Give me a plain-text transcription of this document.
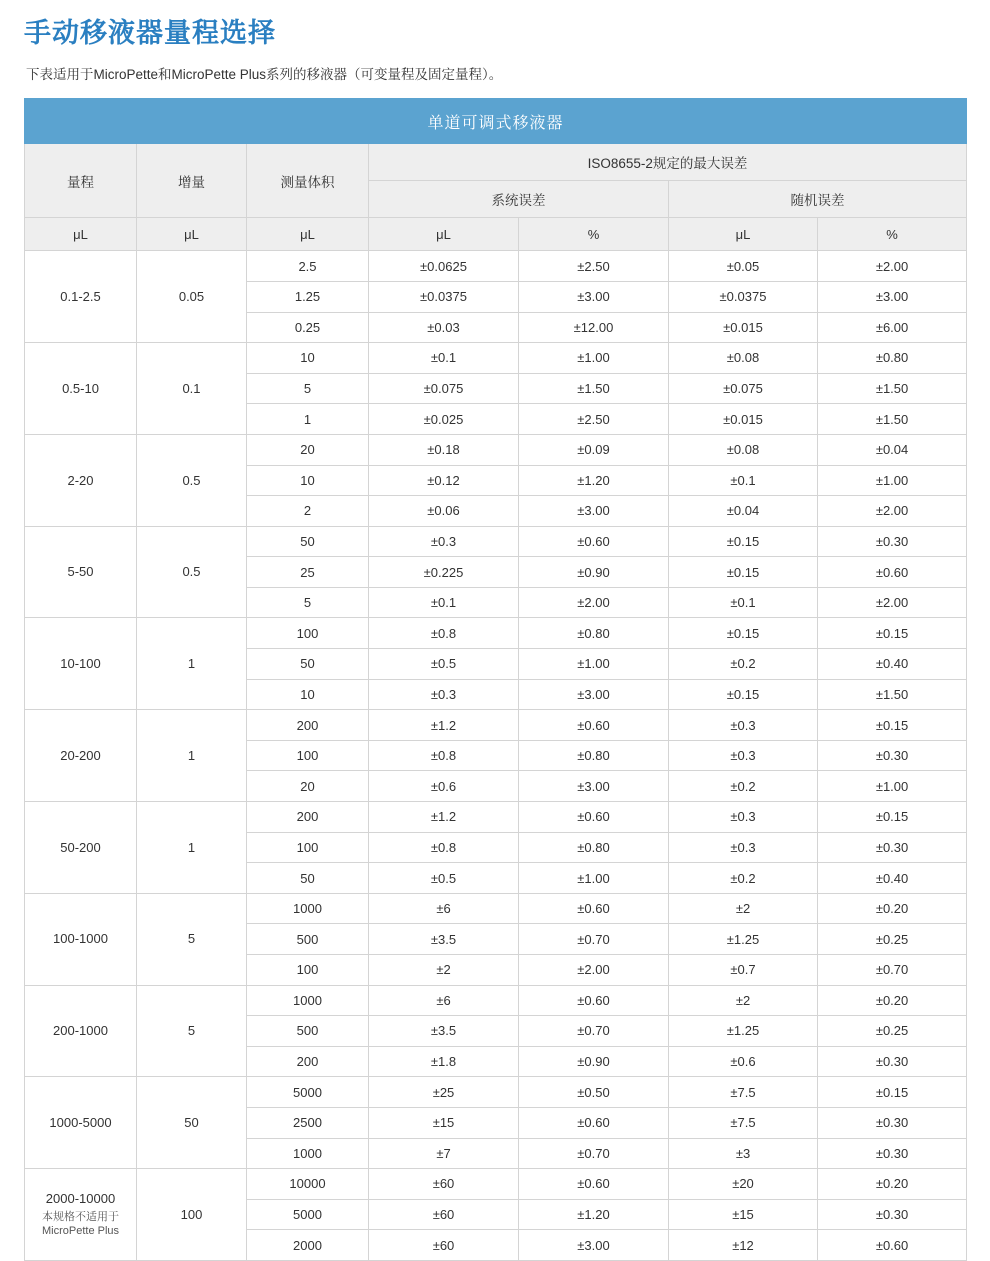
手动移液器量程选择

下表适用于MicroPette和MicroPette Plus系列的移液器（可变量程及固定量程）。

单道可调式移液器						
量程	增量	测量体积	ISO8655-2规定的最大误差			
			系统误差		随机误差	
μL	μL	μL	μL	%	μL	%
0.1-2.5	0.05	2.5	±0.0625	±2.50	±0.05	±2.00
		1.25	±0.0375	±3.00	±0.0375	±3.00
		0.25	±0.03	±12.00	±0.015	±6.00
0.5-10	0.1	10	±0.1	±1.00	±0.08	±0.80
		5	±0.075	±1.50	±0.075	±1.50
		1	±0.025	±2.50	±0.015	±1.50
2-20	0.5	20	±0.18	±0.09	±0.08	±0.04
		10	±0.12	±1.20	±0.1	±1.00
		2	±0.06	±3.00	±0.04	±2.00
5-50	0.5	50	±0.3	±0.60	±0.15	±0.30
		25	±0.225	±0.90	±0.15	±0.60
		5	±0.1	±2.00	±0.1	±2.00
10-100	1	100	±0.8	±0.80	±0.15	±0.15
		50	±0.5	±1.00	±0.2	±0.40
		10	±0.3	±3.00	±0.15	±1.50
20-200	1	200	±1.2	±0.60	±0.3	±0.15
		100	±0.8	±0.80	±0.3	±0.30
		20	±0.6	±3.00	±0.2	±1.00
50-200	1	200	±1.2	±0.60	±0.3	±0.15
		100	±0.8	±0.80	±0.3	±0.30
		50	±0.5	±1.00	±0.2	±0.40
100-1000	5	1000	±6	±0.60	±2	±0.20
		500	±3.5	±0.70	±1.25	±0.25
		100	±2	±2.00	±0.7	±0.70
200-1000	5	1000	±6	±0.60	±2	±0.20
		500	±3.5	±0.70	±1.25	±0.25
		200	±1.8	±0.90	±0.6	±0.30
1000-5000	50	5000	±25	±0.50	±7.5	±0.15
		2500	±15	±0.60	±7.5	±0.30
		1000	±7	±0.70	±3	±0.30
2000-10000
本规格不适用于
MicroPette Plus	100	10000	±60	±0.60	±20	±0.20
		5000	±60	±1.20	±15	±0.30
		2000	±60	±3.00	±12	±0.60
